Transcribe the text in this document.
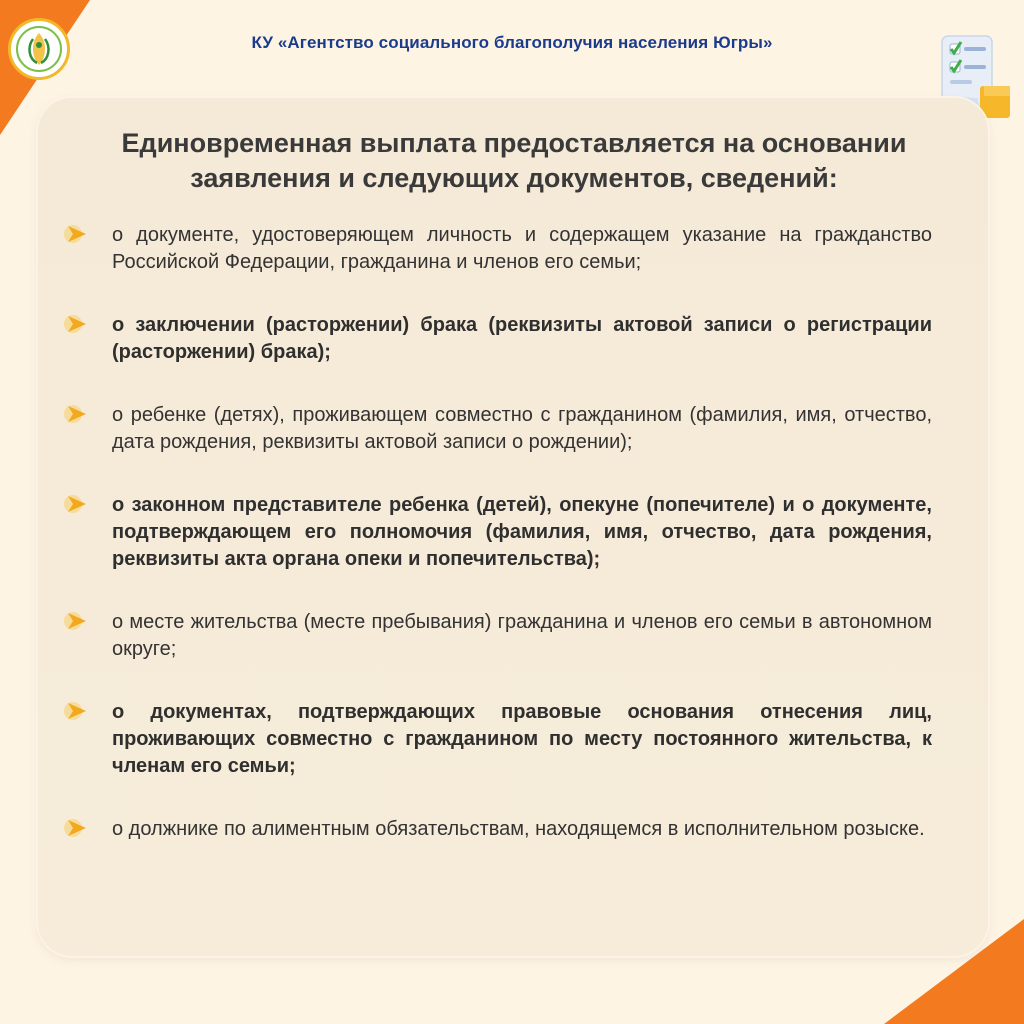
КУ «Агентство социального благополучия населения Югры»
Единовременная выплата предоставляется на основании
заявления и следующих документов, сведений:
о документе, удостоверяющем личность и содержащем указание на гражданство Российской Федерации, гражданина и членов его семьи;
о заключении (расторжении) брака (реквизиты актовой записи о регистрации (расторжении) брака);
о ребенке (детях), проживающем совместно с гражданином (фамилия, имя, отчество, дата рождения, реквизиты актовой записи о рождении);
о законном представителе ребенка (детей), опекуне (попечителе) и о документе, подтверждающем его полномочия (фамилия, имя, отчество, дата рождения, реквизиты акта органа опеки и попечительства);
о месте жительства (месте пребывания) гражданина и членов его семьи в автономном округе;
о документах, подтверждающих правовые основания отнесения лиц, проживающих совместно с гражданином по месту постоянного жительства, к членам его семьи;
о должнике по алиментным обязательствам, находящемся в исполнительном розыске.
